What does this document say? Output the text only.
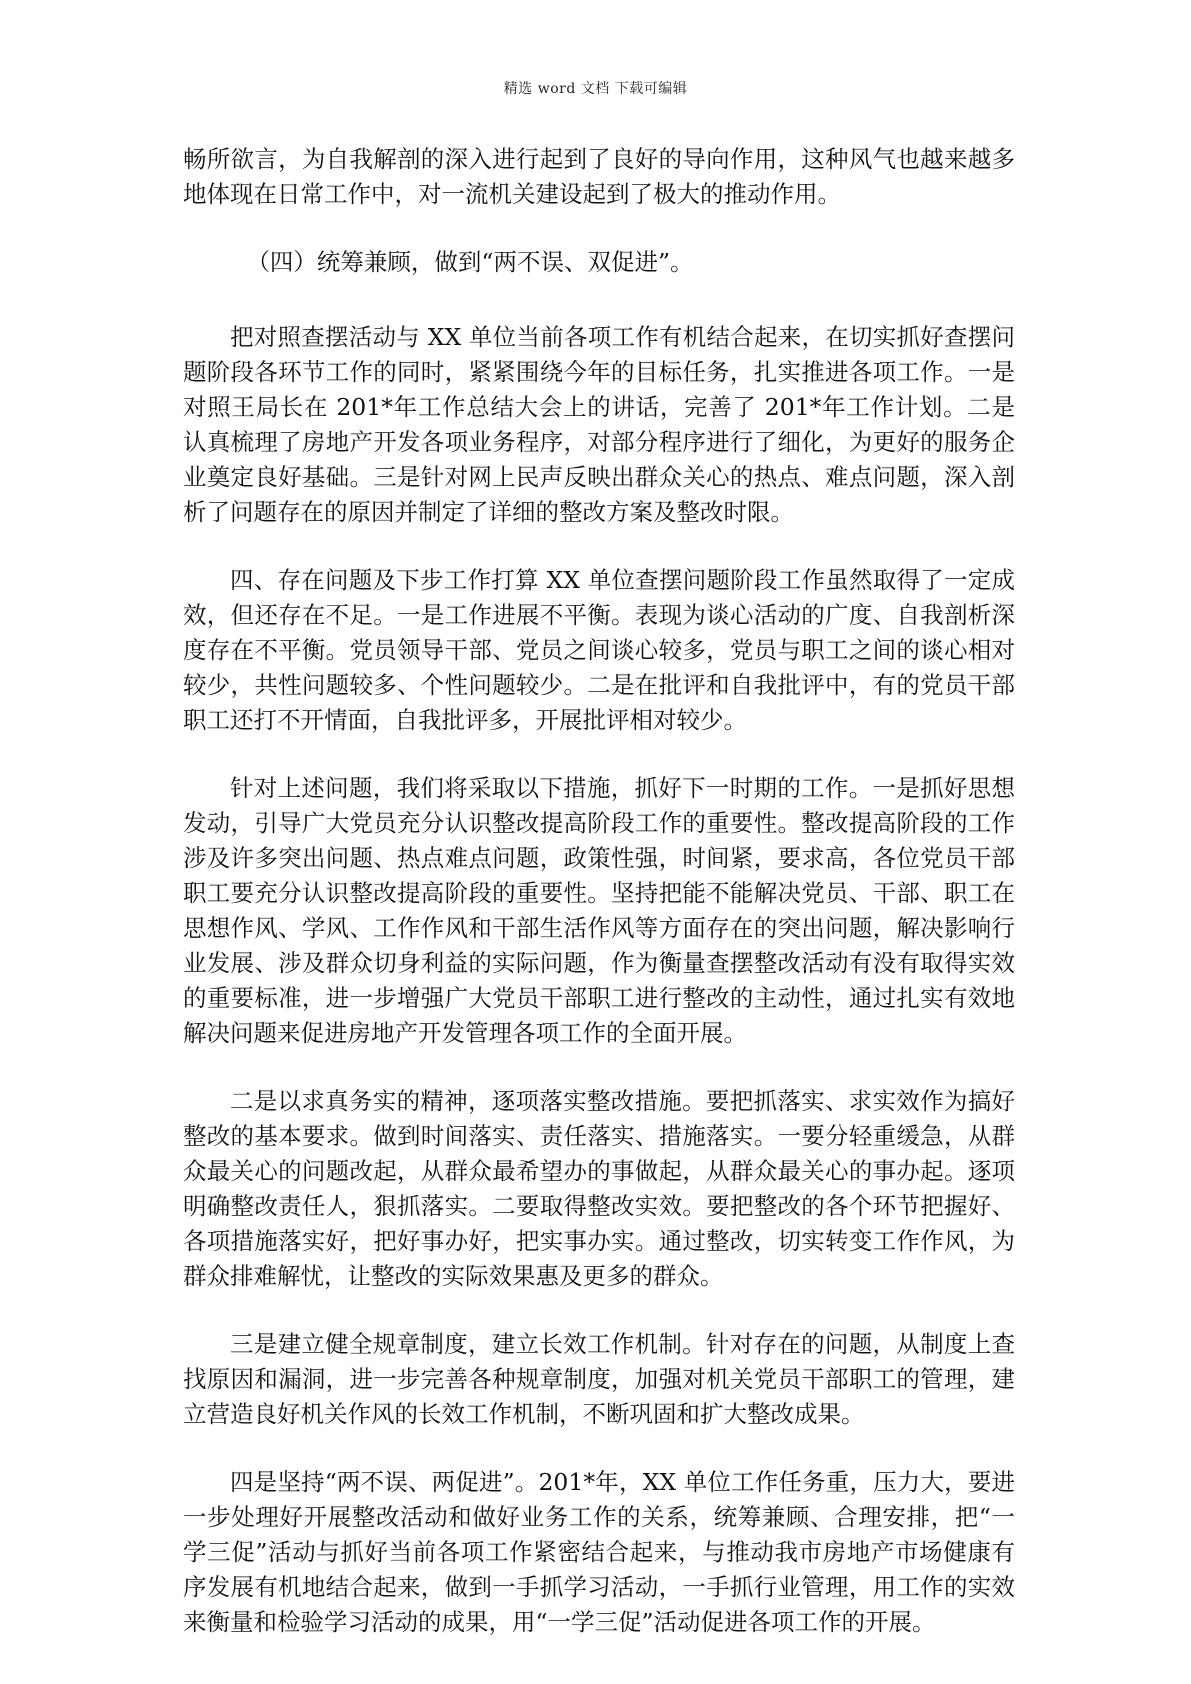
精选 word 文档 下载可编辑

畅所欲言，为自我解剖的深入进行起到了良好的导向作用，这种风气也越来越多地体现在日常工作中，对一流机关建设起到了极大的推动作用。

（四）统筹兼顾，做到“两不误、双促进”。

把对照查摆活动与 XX 单位当前各项工作有机结合起来，在切实抓好查摆问题阶段各环节工作的同时，紧紧围绕今年的目标任务，扎实推进各项工作。一是对照王局长在 201*年工作总结大会上的讲话，完善了 201*年工作计划。二是认真梳理了房地产开发各项业务程序，对部分程序进行了细化，为更好的服务企业奠定良好基础。三是针对网上民声反映出群众关心的热点、难点问题，深入剖析了问题存在的原因并制定了详细的整改方案及整改时限。

四、存在问题及下步工作打算 XX 单位查摆问题阶段工作虽然取得了一定成效，但还存在不足。一是工作进展不平衡。表现为谈心活动的广度、自我剖析深度存在不平衡。党员领导干部、党员之间谈心较多，党员与职工之间的谈心相对较少，共性问题较多、个性问题较少。二是在批评和自我批评中，有的党员干部职工还打不开情面，自我批评多，开展批评相对较少。

针对上述问题，我们将采取以下措施，抓好下一时期的工作。一是抓好思想发动，引导广大党员充分认识整改提高阶段工作的重要性。整改提高阶段的工作涉及许多突出问题、热点难点问题，政策性强，时间紧，要求高，各位党员干部职工要充分认识整改提高阶段的重要性。坚持把能不能解决党员、干部、职工在思想作风、学风、工作作风和干部生活作风等方面存在的突出问题，解决影响行业发展、涉及群众切身利益的实际问题，作为衡量查摆整改活动有没有取得实效的重要标准，进一步增强广大党员干部职工进行整改的主动性，通过扎实有效地解决问题来促进房地产开发管理各项工作的全面开展。

二是以求真务实的精神，逐项落实整改措施。要把抓落实、求实效作为搞好整改的基本要求。做到时间落实、责任落实、措施落实。一要分轻重缓急，从群众最关心的问题改起，从群众最希望办的事做起，从群众最关心的事办起。逐项明确整改责任人，狠抓落实。二要取得整改实效。要把整改的各个环节把握好、各项措施落实好，把好事办好，把实事办实。通过整改，切实转变工作作风，为群众排难解忧，让整改的实际效果惠及更多的群众。

三是建立健全规章制度，建立长效工作机制。针对存在的问题，从制度上查找原因和漏洞，进一步完善各种规章制度，加强对机关党员干部职工的管理，建立营造良好机关作风的长效工作机制，不断巩固和扩大整改成果。

四是坚持“两不误、两促进”。201*年，XX 单位工作任务重，压力大，要进一步处理好开展整改活动和做好业务工作的关系，统筹兼顾、合理安排，把“一学三促”活动与抓好当前各项工作紧密结合起来，与推动我市房地产市场健康有序发展有机地结合起来，做到一手抓学习活动，一手抓行业管理，用工作的实效来衡量和检验学习活动的成果，用“一学三促”活动促进各项工作的开展。
